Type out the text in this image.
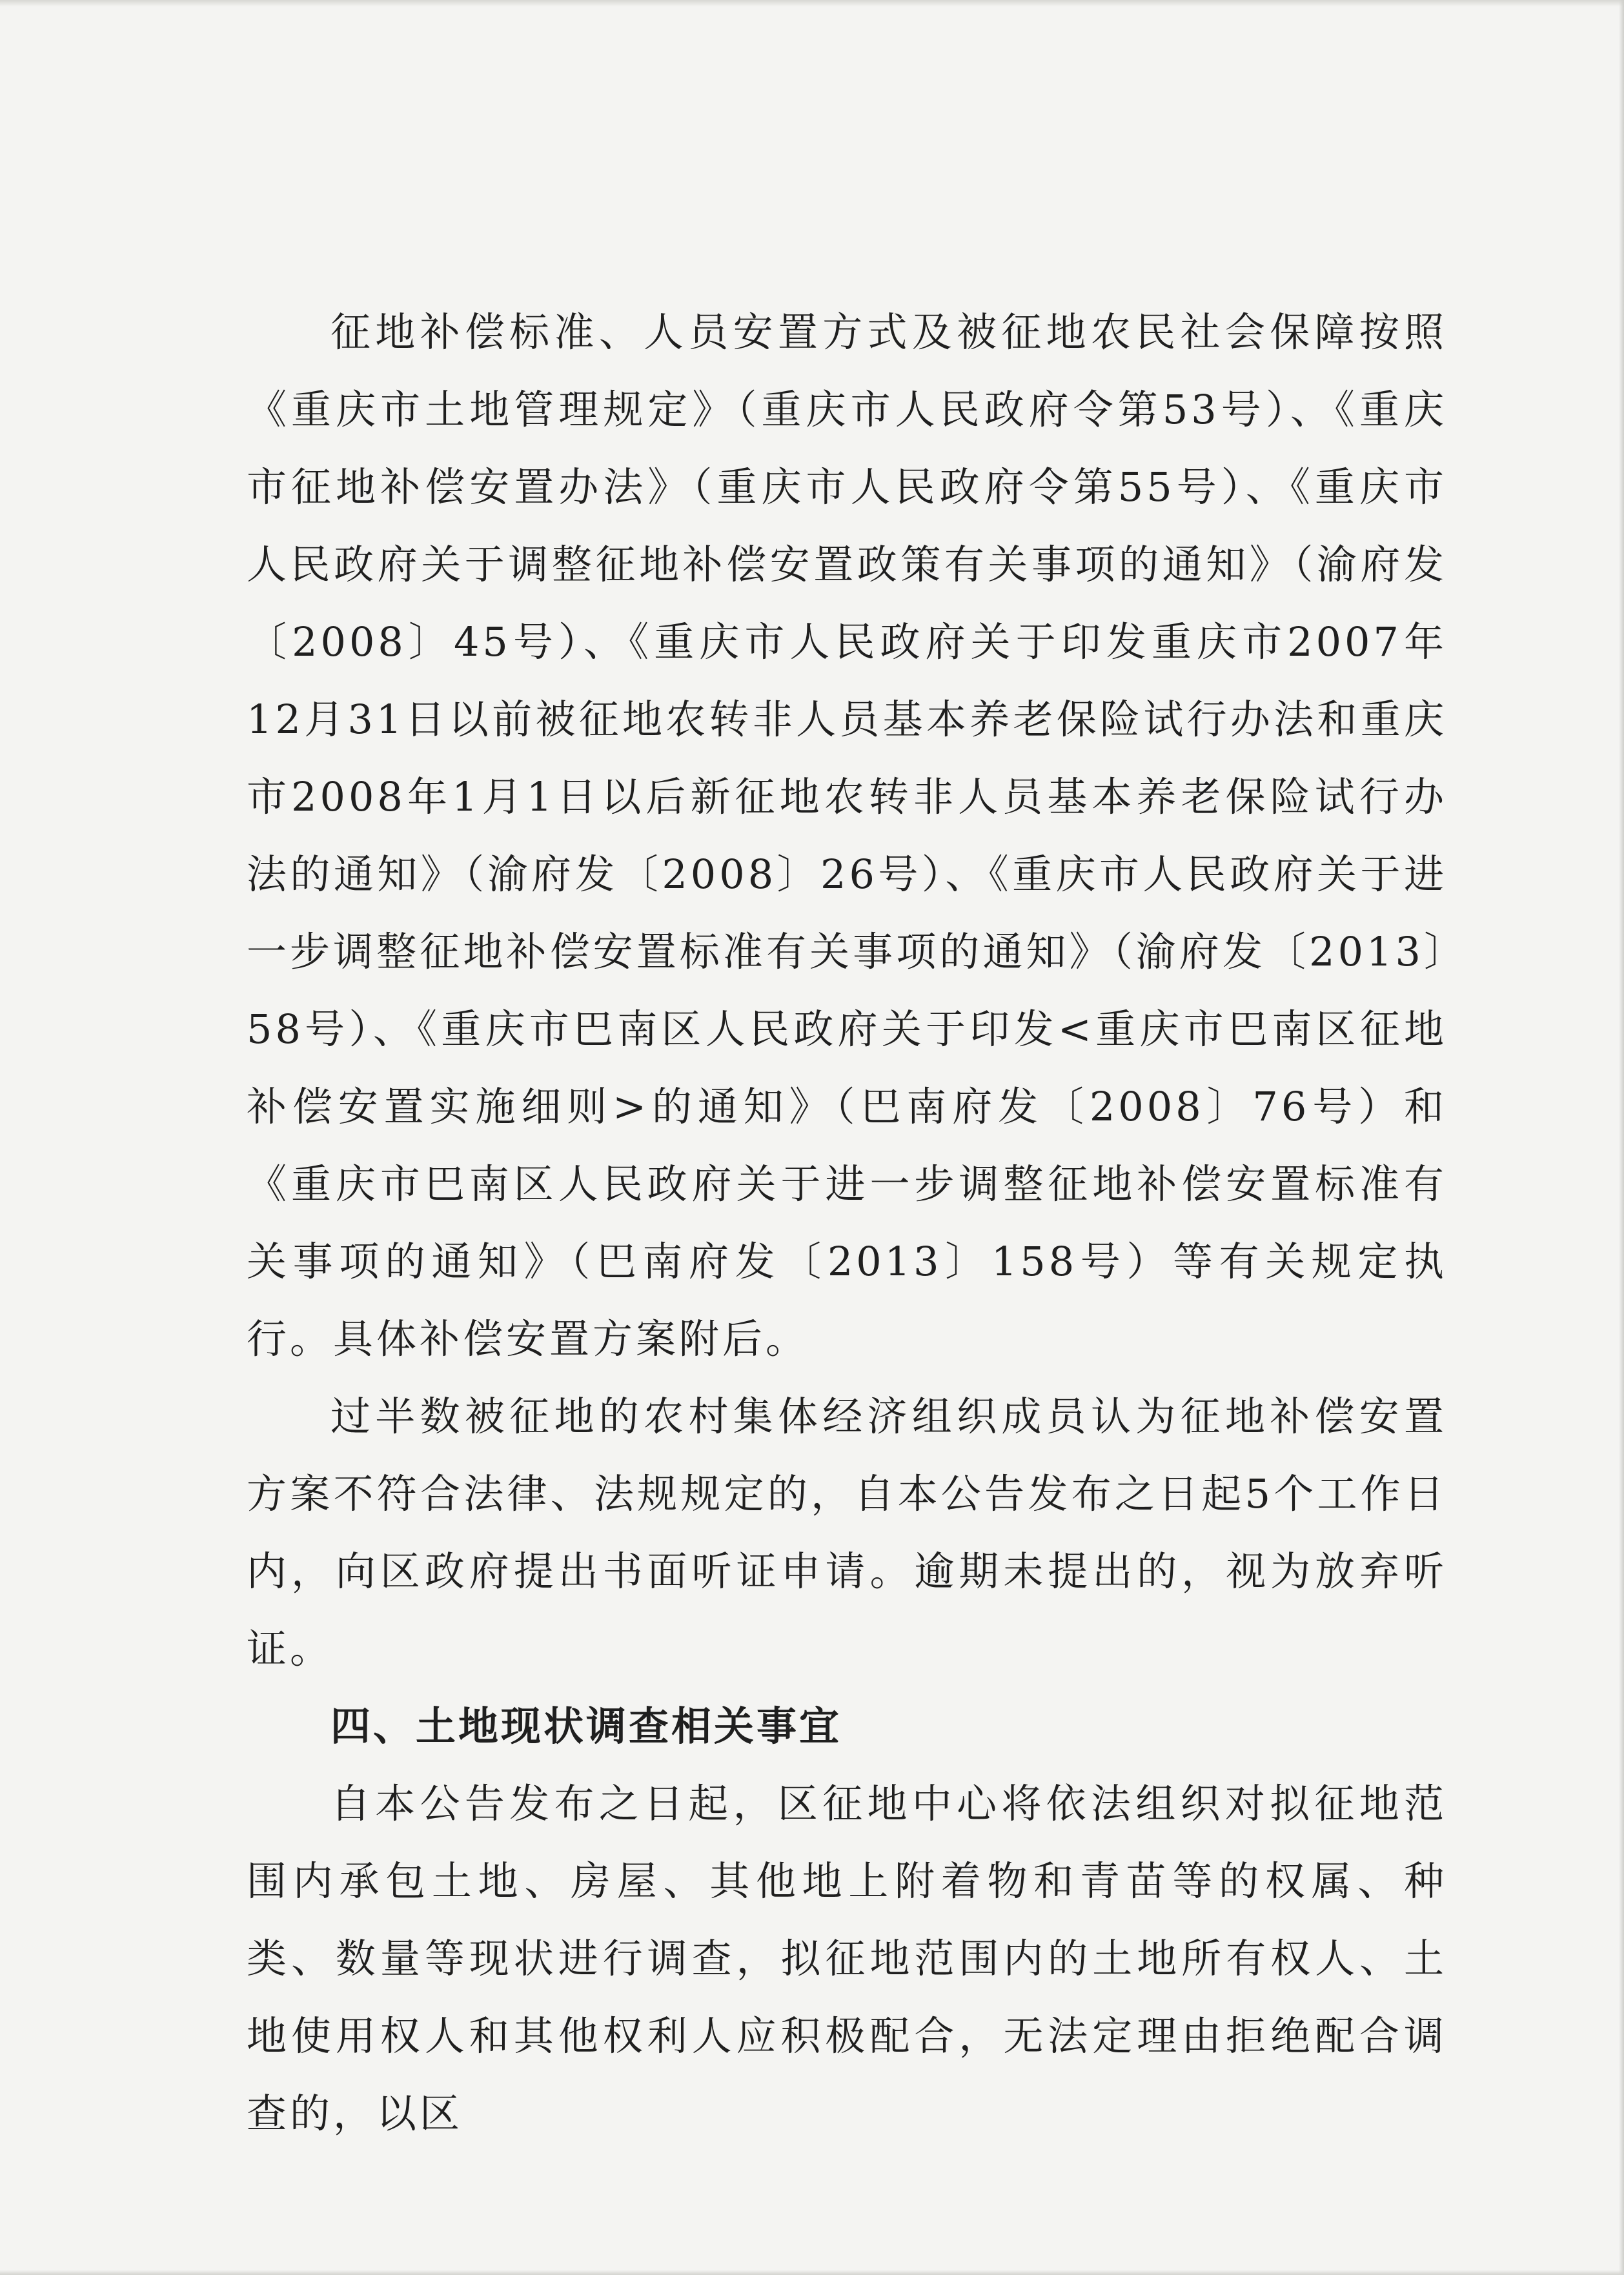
征地补偿标准、人员安置方式及被征地农民社会保障按照《重庆市土地管理规定》（重庆市人民政府令第53号）、《重庆市征地补偿安置办法》（重庆市人民政府令第55号）、《重庆市人民政府关于调整征地补偿安置政策有关事项的通知》（渝府发〔2008〕45号）、《重庆市人民政府关于印发重庆市2007年12月31日以前被征地农转非人员基本养老保险试行办法和重庆市2008年1月1日以后新征地农转非人员基本养老保险试行办法的通知》（渝府发〔2008〕26号）、《重庆市人民政府关于进一步调整征地补偿安置标准有关事项的通知》（渝府发〔2013〕58号）、《重庆市巴南区人民政府关于印发<重庆市巴南区征地补偿安置实施细则>的通知》（巴南府发〔2008〕76号）和《重庆市巴南区人民政府关于进一步调整征地补偿安置标准有关事项的通知》（巴南府发〔2013〕158号）等有关规定执行。具体补偿安置方案附后。

过半数被征地的农村集体经济组织成员认为征地补偿安置方案不符合法律、法规规定的，自本公告发布之日起5个工作日内，向区政府提出书面听证申请。逾期未提出的，视为放弃听证。

四、土地现状调查相关事宜

自本公告发布之日起，区征地中心将依法组织对拟征地范围内承包土地、房屋、其他地上附着物和青苗等的权属、种类、数量等现状进行调查，拟征地范围内的土地所有权人、土地使用权人和其他权利人应积极配合，无法定理由拒绝配合调查的，以区
